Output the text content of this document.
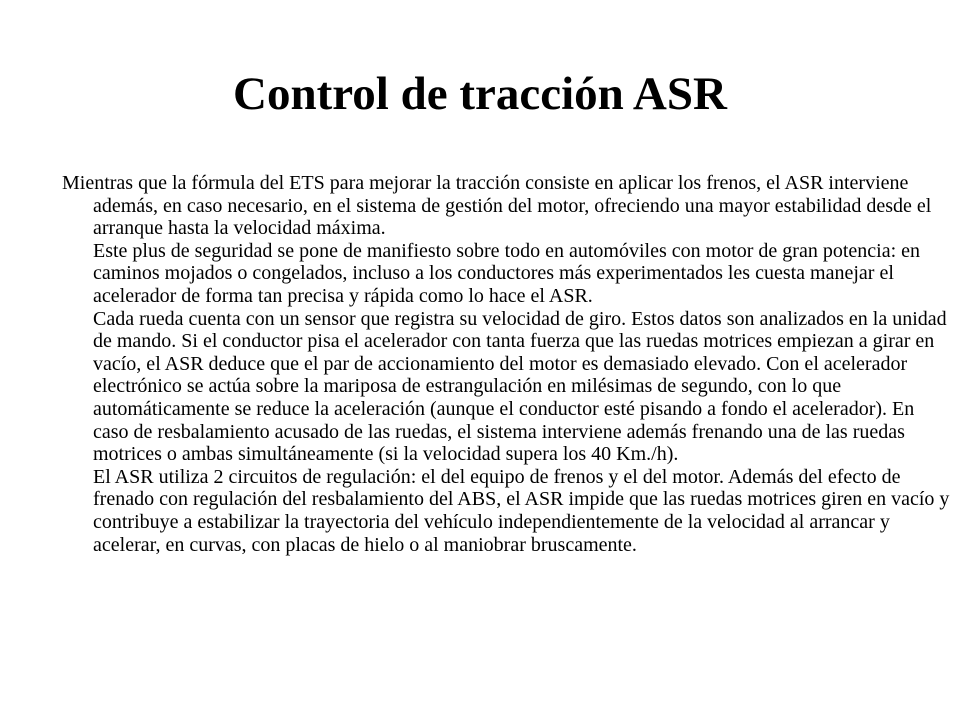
Control de tracción ASR

Mientras que la fórmula del ETS para mejorar la tracción consiste en aplicar los frenos, el ASR interviene además, en caso necesario, en el sistema de gestión del motor, ofreciendo una mayor estabilidad desde el arranque hasta la velocidad máxima.

Este plus de seguridad se pone de manifiesto sobre todo en automóviles con motor de gran potencia: en caminos mojados o congelados, incluso a los conductores más experimentados les cuesta manejar el acelerador de forma tan precisa y rápida como lo hace el ASR.

Cada rueda cuenta con un sensor que registra su velocidad de giro. Estos datos son analizados en la unidad de mando. Si el conductor pisa el acelerador con tanta fuerza que las ruedas motrices empiezan a girar en vacío, el ASR deduce que el par de accionamiento del motor es demasiado elevado. Con el acelerador electrónico se actúa sobre la mariposa de estrangulación en milésimas de segundo, con lo que automáticamente se reduce la aceleración (aunque el conductor esté pisando a fondo el acelerador). En caso de resbalamiento acusado de las ruedas, el sistema interviene además frenando una de las ruedas motrices o ambas simultáneamente (si la velocidad supera los 40 Km./h).

El ASR utiliza 2 circuitos de regulación: el del equipo de frenos y el del motor. Además del efecto de frenado con regulación del resbalamiento del ABS, el ASR impide que las ruedas motrices giren en vacío y contribuye a estabilizar la trayectoria del vehículo independientemente de la velocidad al arrancar y acelerar, en curvas, con placas de hielo o al maniobrar bruscamente.
